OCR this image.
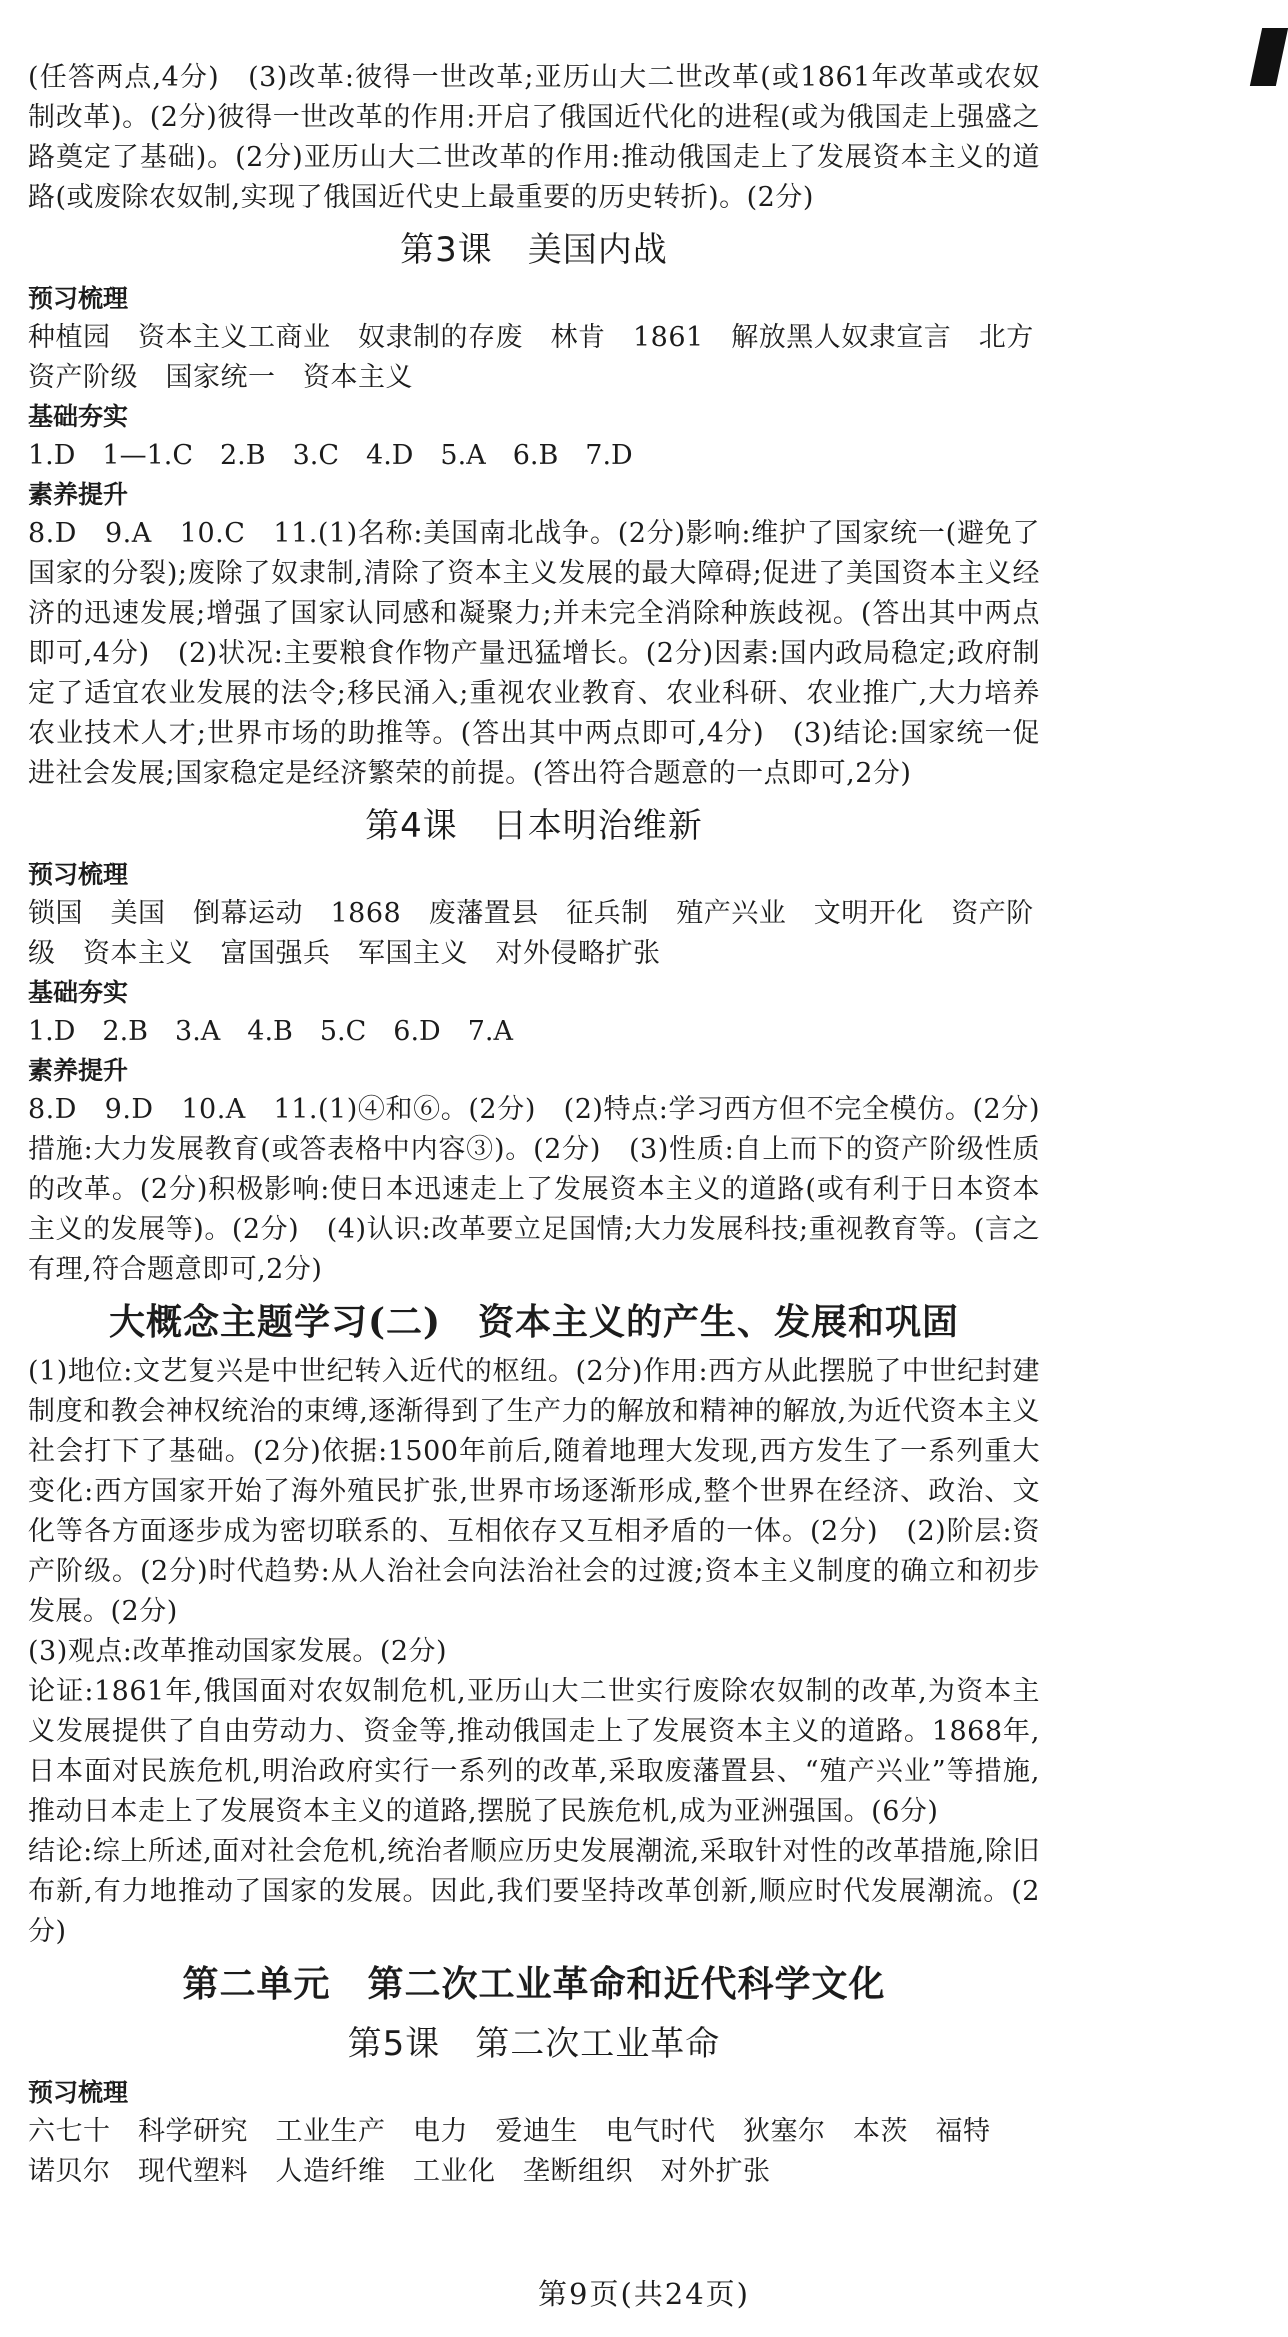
(任答两点,4分)　(3)改革:彼得一世改革;亚历山大二世改革(或1861年改革或农奴制改革)。(2分)彼得一世改革的作用:开启了俄国近代化的进程(或为俄国走上强盛之路奠定了基础)。(2分)亚历山大二世改革的作用:推动俄国走上了发展资本主义的道路(或废除农奴制,实现了俄国近代史上最重要的历史转折)。(2分)

第3课　美国内战

预习梳理

种植园　资本主义工商业　奴隶制的存废　林肯　1861　解放黑人奴隶宣言　北方　资产阶级　国家统一　资本主义

基础夯实

1.D　1—1.C　2.B　3.C　4.D　5.A　6.B　7.D

素养提升

8.D　9.A　10.C　11.(1)名称:美国南北战争。(2分)影响:维护了国家统一(避免了国家的分裂);废除了奴隶制,清除了资本主义发展的最大障碍;促进了美国资本主义经济的迅速发展;增强了国家认同感和凝聚力;并未完全消除种族歧视。(答出其中两点即可,4分)　(2)状况:主要粮食作物产量迅猛增长。(2分)因素:国内政局稳定;政府制定了适宜农业发展的法令;移民涌入;重视农业教育、农业科研、农业推广,大力培养农业技术人才;世界市场的助推等。(答出其中两点即可,4分)　(3)结论:国家统一促进社会发展;国家稳定是经济繁荣的前提。(答出符合题意的一点即可,2分)

第4课　日本明治维新

预习梳理

锁国　美国　倒幕运动　1868　废藩置县　征兵制　殖产兴业　文明开化　资产阶级　资本主义　富国强兵　军国主义　对外侵略扩张

基础夯实

1.D　2.B　3.A　4.B　5.C　6.D　7.A

素养提升

8.D　9.D　10.A　11.(1)④和⑥。(2分)　(2)特点:学习西方但不完全模仿。(2分)措施:大力发展教育(或答表格中内容③)。(2分)　(3)性质:自上而下的资产阶级性质的改革。(2分)积极影响:使日本迅速走上了发展资本主义的道路(或有利于日本资本主义的发展等)。(2分)　(4)认识:改革要立足国情;大力发展科技;重视教育等。(言之有理,符合题意即可,2分)

大概念主题学习(二)　资本主义的产生、发展和巩固

(1)地位:文艺复兴是中世纪转入近代的枢纽。(2分)作用:西方从此摆脱了中世纪封建制度和教会神权统治的束缚,逐渐得到了生产力的解放和精神的解放,为近代资本主义社会打下了基础。(2分)依据:1500年前后,随着地理大发现,西方发生了一系列重大变化:西方国家开始了海外殖民扩张,世界市场逐渐形成,整个世界在经济、政治、文化等各方面逐步成为密切联系的、互相依存又互相矛盾的一体。(2分)　(2)阶层:资产阶级。(2分)时代趋势:从人治社会向法治社会的过渡;资本主义制度的确立和初步发展。(2分)

(3)观点:改革推动国家发展。(2分)

论证:1861年,俄国面对农奴制危机,亚历山大二世实行废除农奴制的改革,为资本主义发展提供了自由劳动力、资金等,推动俄国走上了发展资本主义的道路。1868年,日本面对民族危机,明治政府实行一系列的改革,采取废藩置县、“殖产兴业”等措施,推动日本走上了发展资本主义的道路,摆脱了民族危机,成为亚洲强国。(6分)

结论:综上所述,面对社会危机,统治者顺应历史发展潮流,采取针对性的改革措施,除旧布新,有力地推动了国家的发展。因此,我们要坚持改革创新,顺应时代发展潮流。(2分)

第二单元　第二次工业革命和近代科学文化
第5课　第二次工业革命

预习梳理

六七十　科学研究　工业生产　电力　爱迪生　电气时代　狄塞尔　本茨　福特　诺贝尔　现代塑料　人造纤维　工业化　垄断组织　对外扩张

第9页(共24页)
